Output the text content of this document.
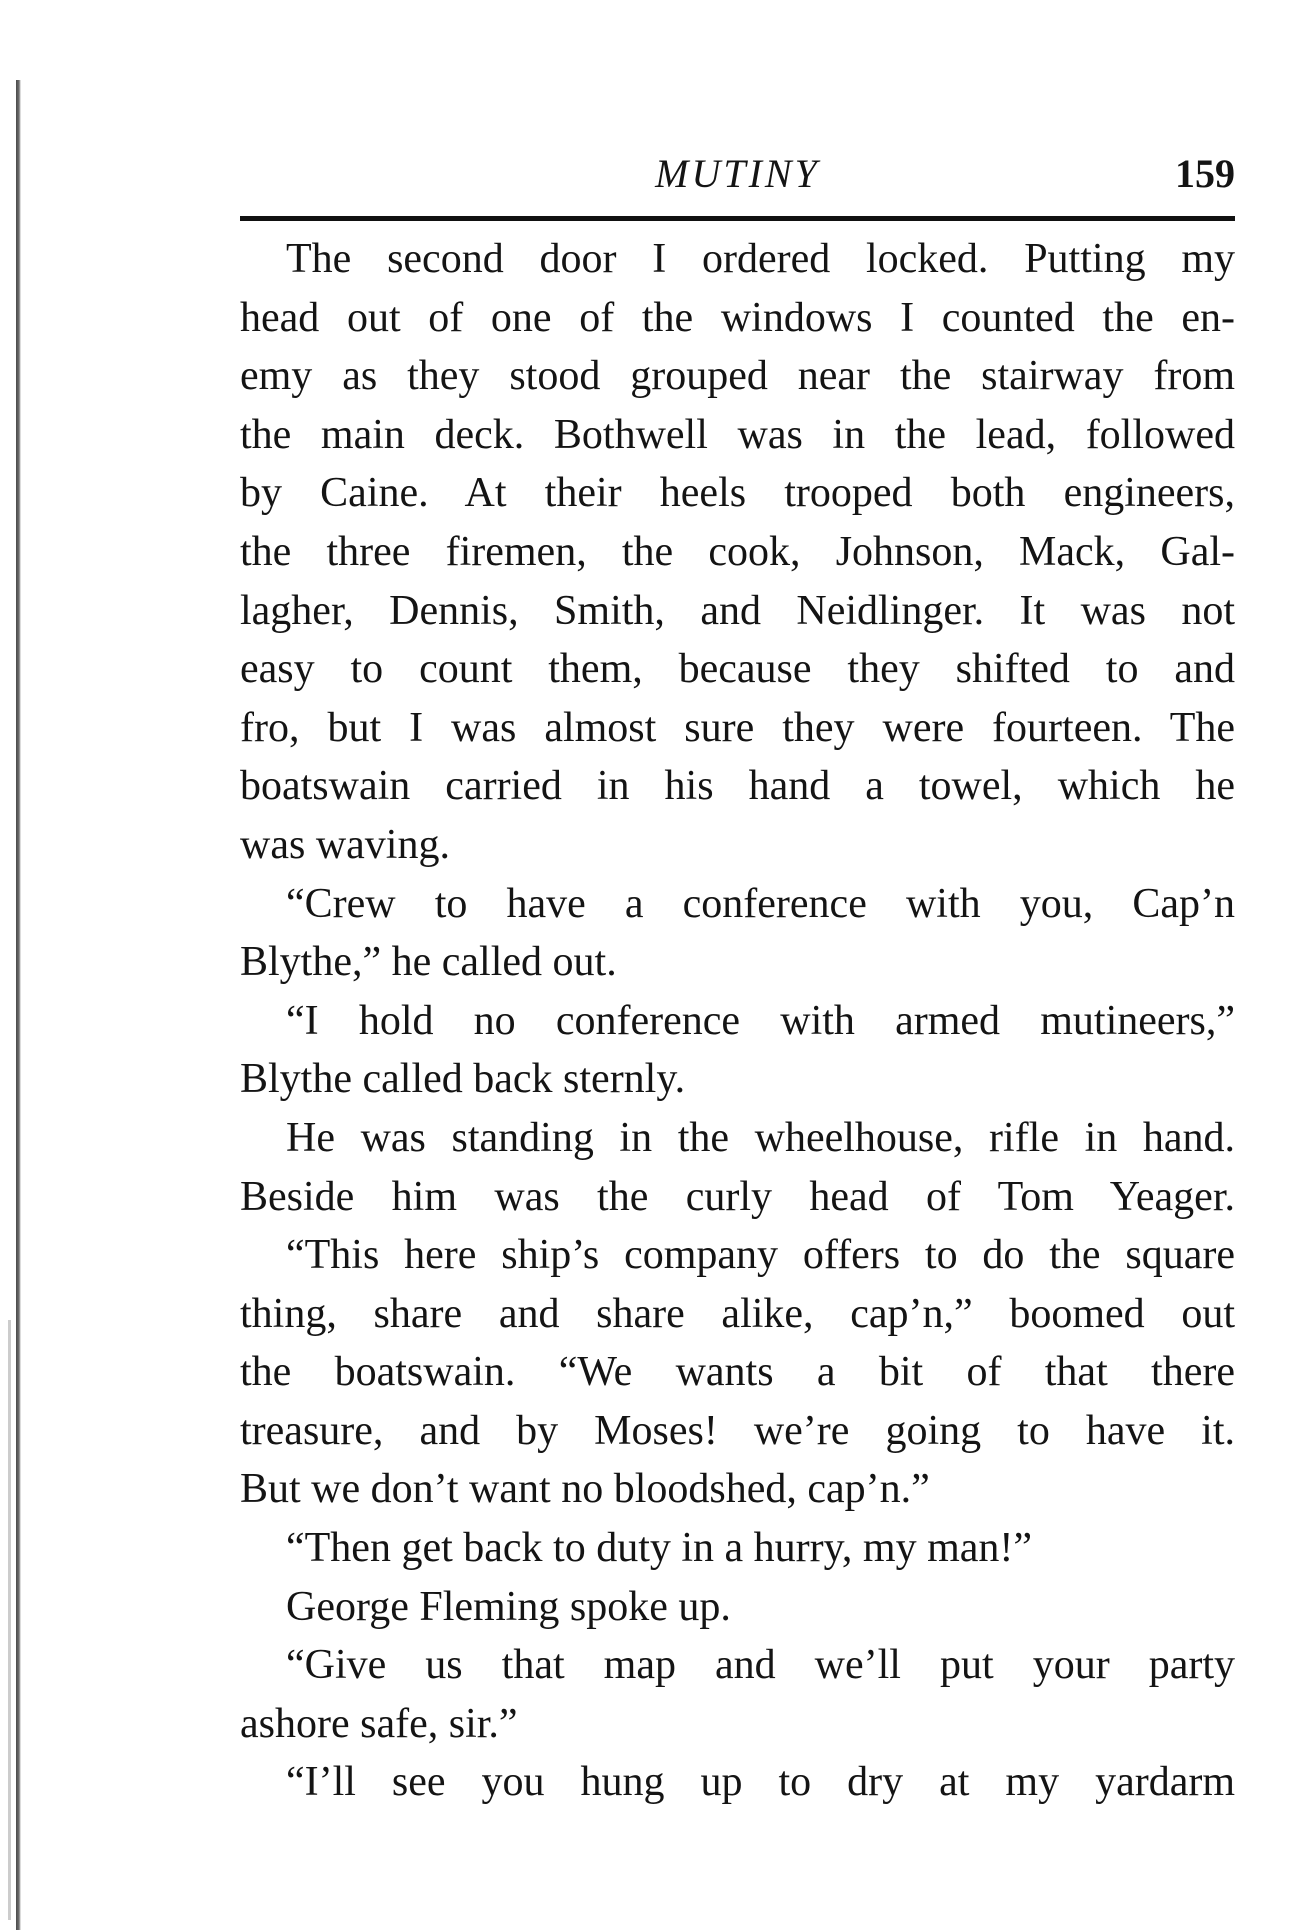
MUTINY	159
The second door I ordered locked. Putting my
head out of one of the windows I counted the en-
emy as they stood grouped near the stairway from
the main deck. Bothwell was in the lead, followed
by Caine. At their heels trooped both engineers,
the three firemen, the cook, Johnson, Mack, Gal-
lagher, Dennis, Smith, and Neidlinger. It was not
easy to count them, because they shifted to and
fro, but I was almost sure they were fourteen. The
boatswain carried in his hand a towel, which he
was waving.
“Crew to have a conference with you, Cap’n
Blythe,” he called out.
“I hold no conference with armed mutineers,”
Blythe called back sternly.
He was standing in the wheelhouse, rifle in hand.
Beside him was the curly head of Tom Yeager.
“This here ship’s company offers to do the square
thing, share and share alike, cap’n,” boomed out
the boatswain. “We wants a bit of that there
treasure, and by Moses! we’re going to have it.
But we don’t want no bloodshed, cap’n.”
“Then get back to duty in a hurry, my man!”
George Fleming spoke up.
“Give us that map and we’ll put your party
ashore safe, sir.”
“I’ll see you hung up to dry at my yardarm
